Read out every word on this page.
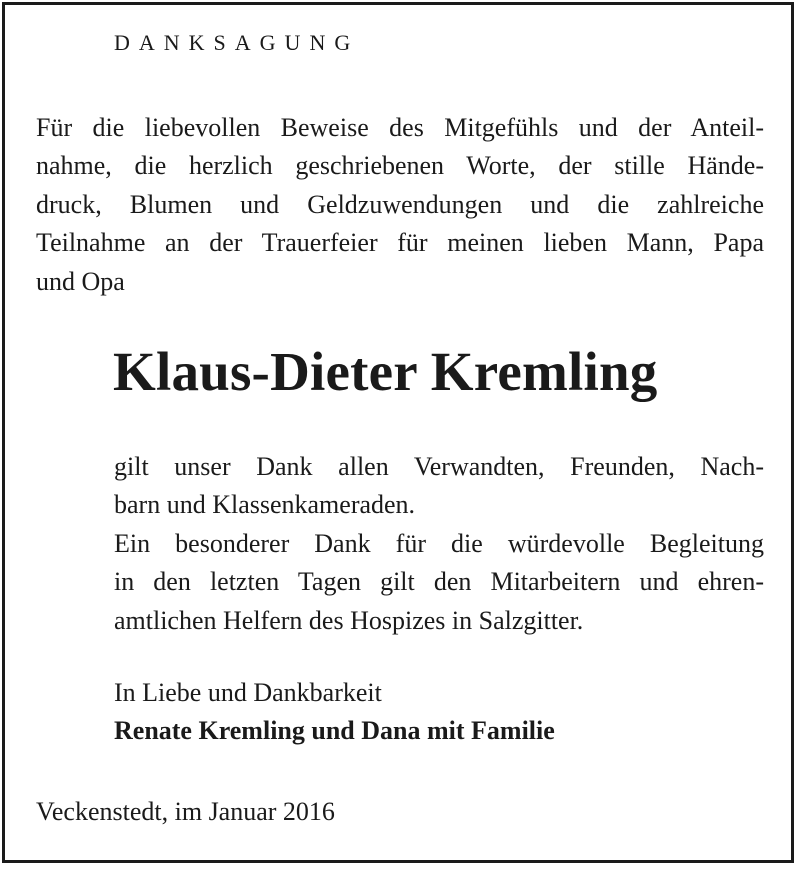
DANKSAGUNG

Für die liebevollen Beweise des Mitgefühls und der Anteil-
nahme, die herzlich geschriebenen Worte, der stille Hände-
druck, Blumen und Geldzuwendungen und die zahlreiche
Teilnahme an der Trauerfeier für meinen lieben Mann, Papa
und Opa

Klaus-Dieter Kremling

gilt unser Dank allen Verwandten, Freunden, Nach-
barn und Klassenkameraden.
Ein besonderer Dank für die würdevolle Begleitung
in den letzten Tagen gilt den Mitarbeitern und ehren-
amtlichen Helfern des Hospizes in Salzgitter.

In Liebe und Dankbarkeit
Renate Kremling und Dana mit Familie

Veckenstedt, im Januar 2016
